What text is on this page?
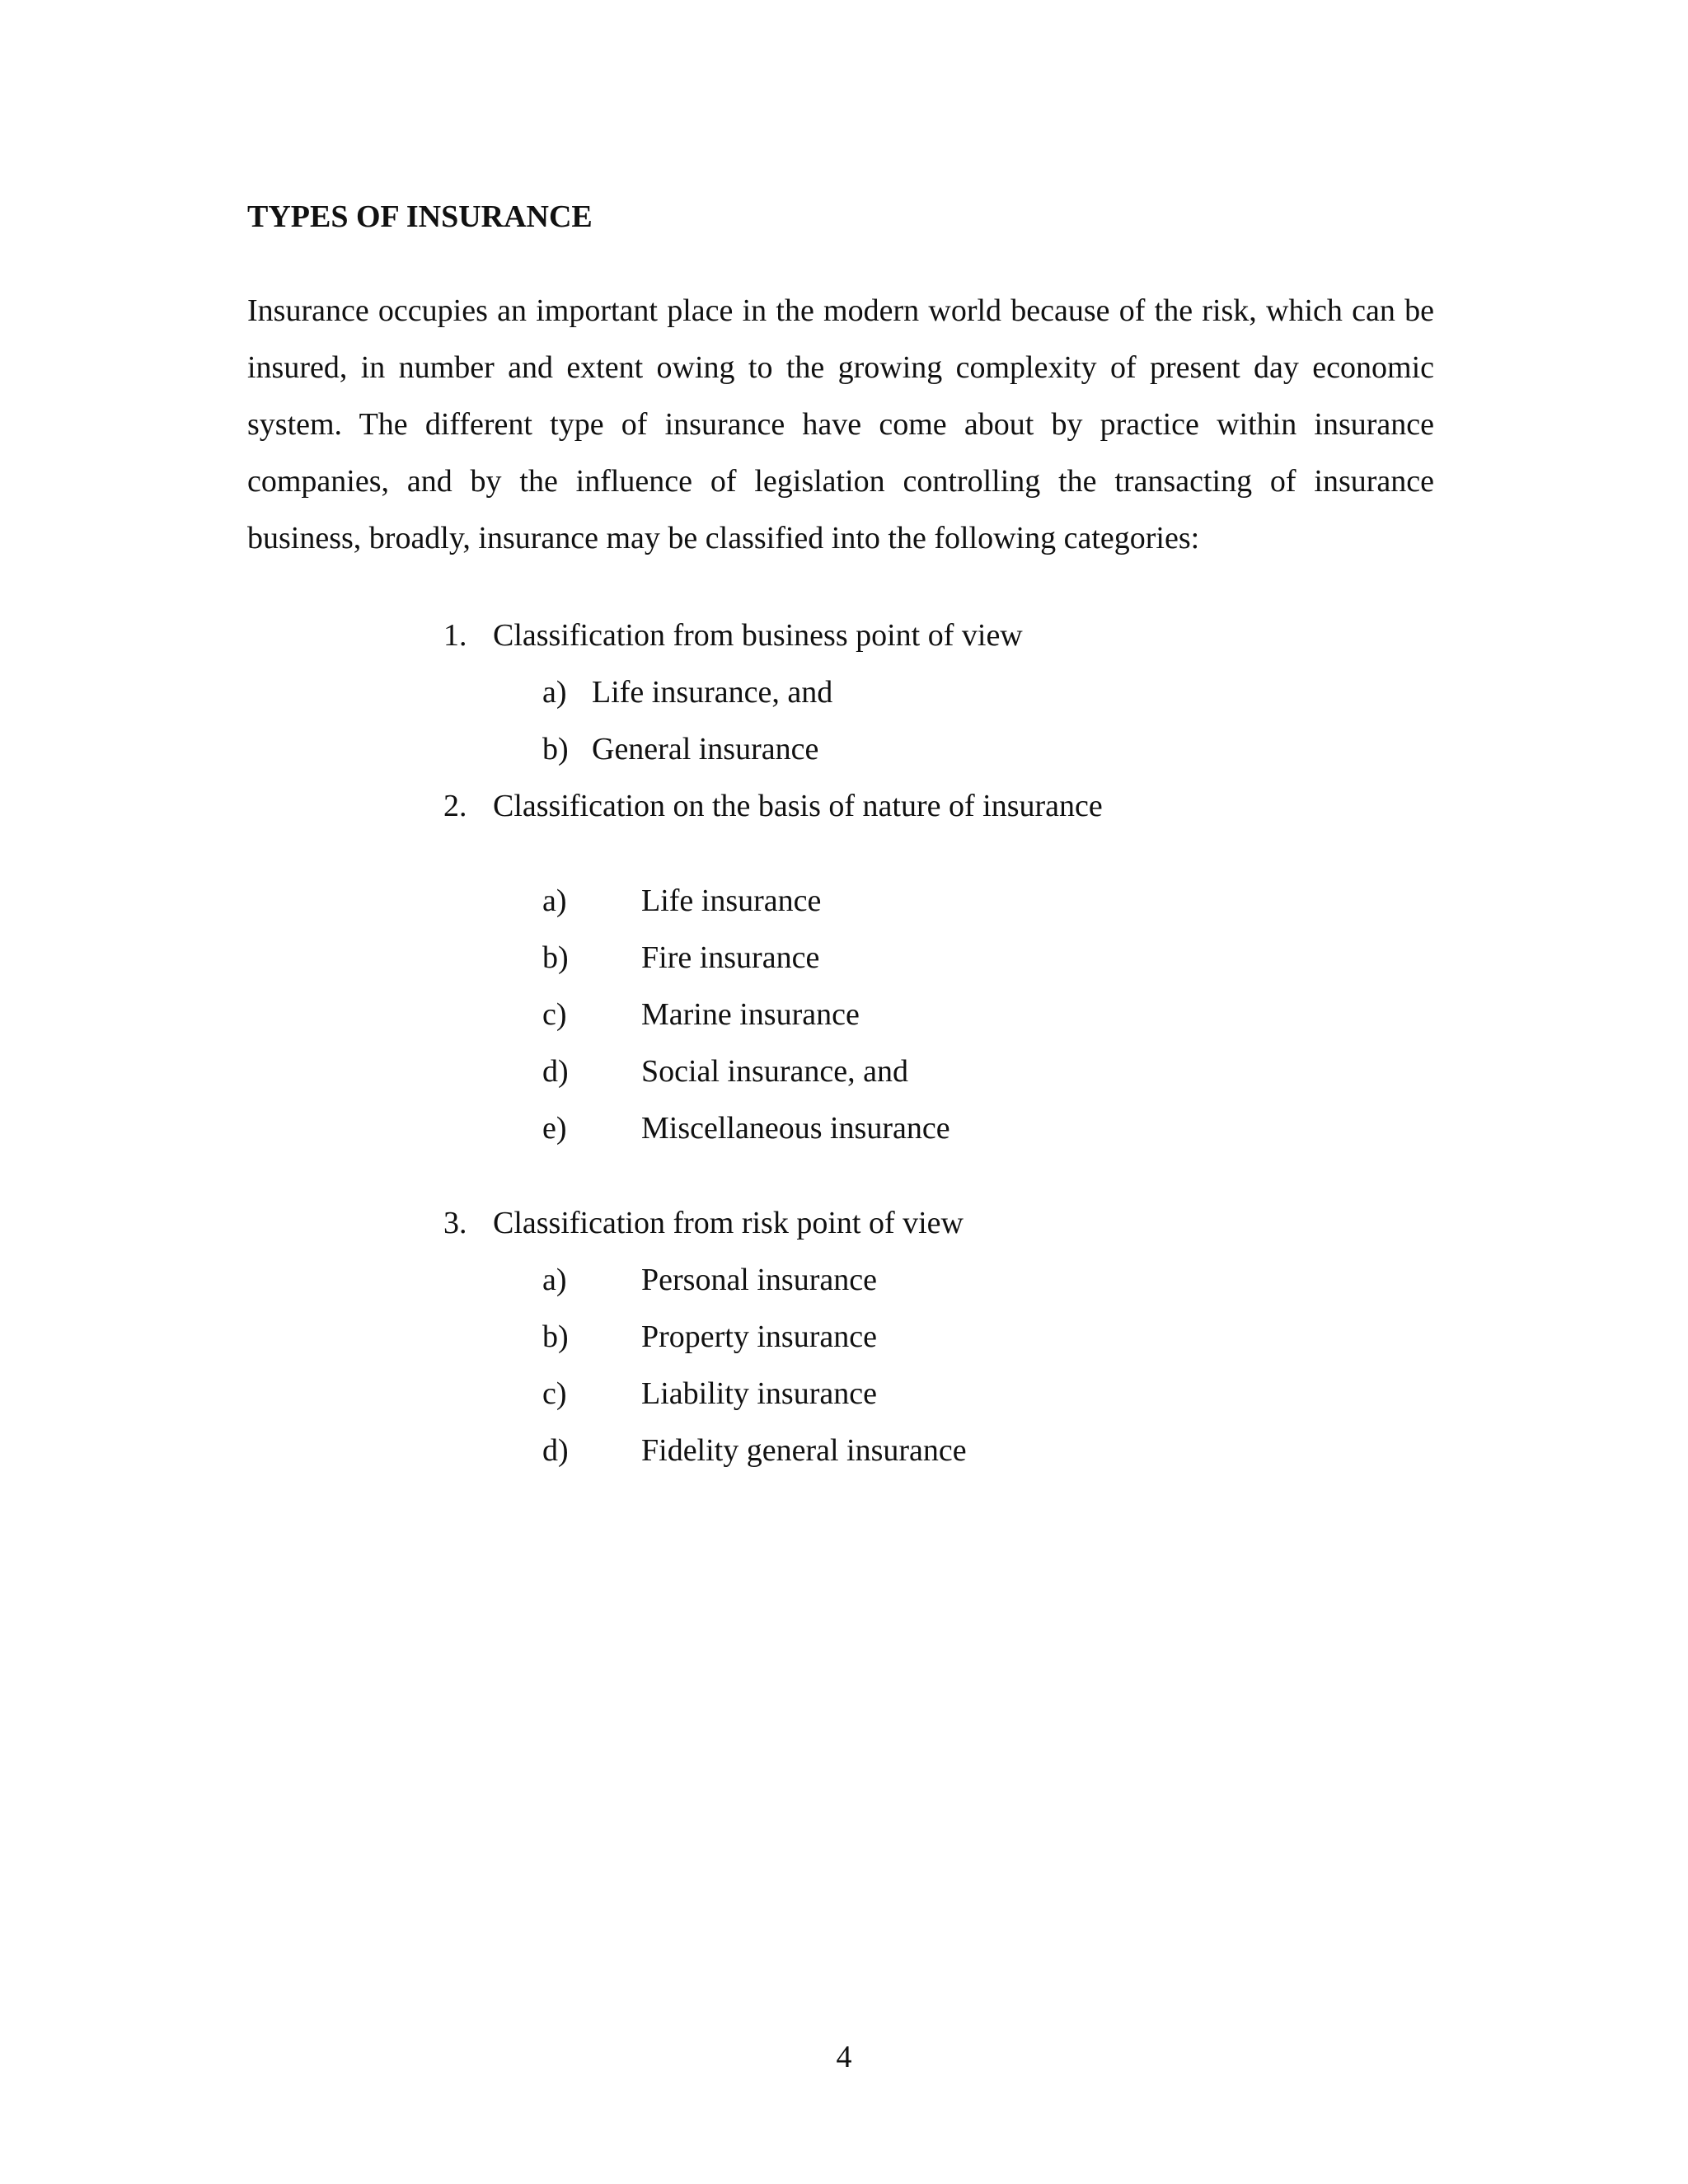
TYPES OF INSURANCE

Insurance occupies an important place in the modern world because of the risk, which can be insured, in number and extent owing to the growing complexity of present day economic system. The different type of insurance have come about by practice within insurance companies, and by the influence of legislation controlling the transacting of insurance business, broadly, insurance may be classified into the following categories:

1. Classification from business point of view
a) Life insurance, and
b) General insurance
2. Classification on the basis of nature of insurance
a) Life insurance
b) Fire insurance
c) Marine insurance
d) Social insurance, and
e) Miscellaneous insurance
3. Classification from risk point of view
a) Personal insurance
b) Property insurance
c) Liability insurance
d) Fidelity general insurance
4
